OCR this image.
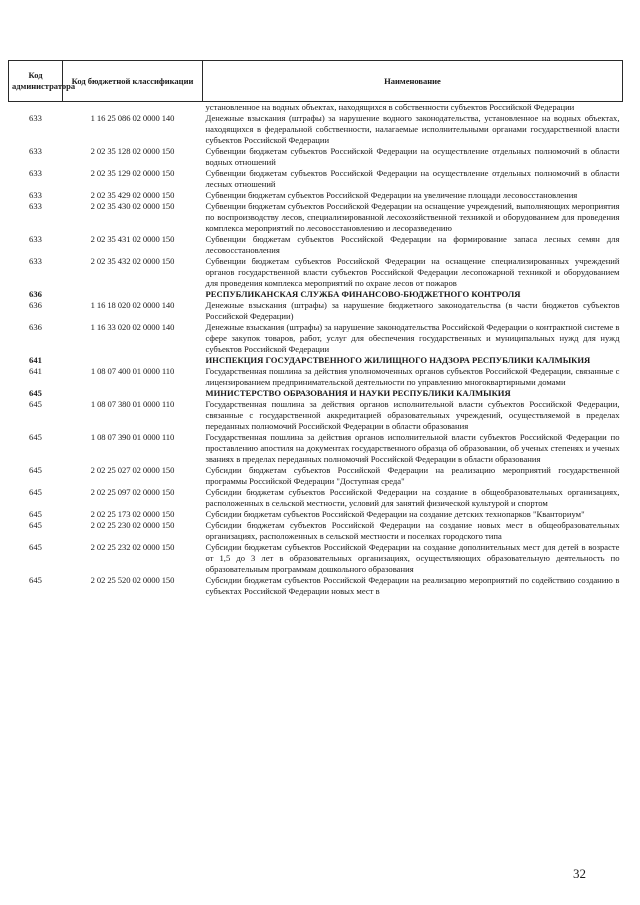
Код администратора	Код бюджетной классификации	Наименование
		установленное на водных объектах, находящихся в собственности субъектов Российской Федерации
633	1 16 25 086 02 0000 140	Денежные взыскания (штрафы) за нарушение водного законодательства, установленное на водных объектах, находящихся в федеральной собственности, налагаемые исполнительными органами государственной власти субъектов Российской Федерации
633	2 02 35 128 02 0000 150	Субвенции бюджетам субъектов Российской Федерации на осуществление отдельных полномочий в области водных отношений
633	2 02 35 129 02 0000 150	Субвенции бюджетам субъектов Российской Федерации на осуществление отдельных полномочий в области лесных отношений
633	2 02 35 429 02 0000 150	Субвенции бюджетам субъектов Российской Федерации на увеличение площади лесовосстановления
633	2 02 35 430 02 0000 150	Субвенции бюджетам субъектов Российской Федерации на оснащение учреждений, выполняющих мероприятия по воспроизводству лесов, специализированной лесохозяйственной техникой и оборудованием для проведения комплекса мероприятий по лесовосстановлению и лесоразведению
633	2 02 35 431 02 0000 150	Субвенции бюджетам субъектов Российской Федерации на формирование запаса лесных семян для лесовосстановления
633	2 02 35 432 02 0000 150	Субвенции бюджетам субъектов Российской Федерации на оснащение специализированных учреждений органов государственной власти субъектов Российской Федерации лесопожарной техникой и оборудованием для проведения комплекса мероприятий по охране лесов от пожаров
636		РЕСПУБЛИКАНСКАЯ СЛУЖБА ФИНАНСОВО-БЮДЖЕТНОГО КОНТРОЛЯ
636	1 16 18 020 02 0000 140	Денежные взыскания (штрафы) за нарушение бюджетного законодательства (в части бюджетов субъектов Российской Федерации)
636	1 16 33 020 02 0000 140	Денежные взыскания (штрафы) за нарушение законодательства Российской Федерации о контрактной системе в сфере закупок товаров, работ, услуг для обеспечения государственных и муниципальных нужд для нужд субъектов Российской Федерации
641		ИНСПЕКЦИЯ ГОСУДАРСТВЕННОГО ЖИЛИЩНОГО НАДЗОРА РЕСПУБЛИКИ КАЛМЫКИЯ
641	1 08 07 400 01 0000 110	Государственная пошлина за действия уполномоченных органов субъектов Российской Федерации, связанные с лицензированием предпринимательской деятельности по управлению многоквартирными домами
645		МИНИСТЕРСТВО ОБРАЗОВАНИЯ И НАУКИ РЕСПУБЛИКИ КАЛМЫКИЯ
645	1 08 07 380 01 0000 110	Государственная пошлина за действия органов исполнительной власти субъектов Российской Федерации, связанные с государственной аккредитацией образовательных учреждений, осуществляемой в пределах переданных полномочий Российской Федерации в области образования
645	1 08 07 390 01 0000 110	Государственная пошлина за действия органов исполнительной власти субъектов Российской Федерации по проставлению апостиля на документах государственного образца об образовании, об ученых степенях и ученых званиях в пределах переданных полномочий Российской Федерации в области образования
645	2 02 25 027 02 0000 150	Субсидии бюджетам субъектов Российской Федерации на реализацию мероприятий государственной программы Российской Федерации "Доступная среда"
645	2 02 25 097 02 0000 150	Субсидии бюджетам субъектов Российской Федерации на создание в общеобразовательных организациях, расположенных в сельской местности, условий для занятий физической культурой и спортом
645	2 02 25 173 02 0000 150	Субсидии бюджетам субъектов Российской Федерации на создание детских технопарков "Кванториум"
645	2 02 25 230 02 0000 150	Субсидии бюджетам субъектов Российской Федерации на создание новых мест в общеобразовательных организациях, расположенных в сельской местности и поселках городского типа
645	2 02 25 232 02 0000 150	Субсидии бюджетам субъектов Российской Федерации на создание дополнительных мест для детей в возрасте от 1,5 до 3 лет в образовательных организациях, осуществляющих образовательную деятельность по образовательным программам дошкольного образования
645	2 02 25 520 02 0000 150	Субсидии бюджетам субъектов Российской Федерации на реализацию мероприятий по содействию созданию в субъектах Российской Федерации новых мест в
32
